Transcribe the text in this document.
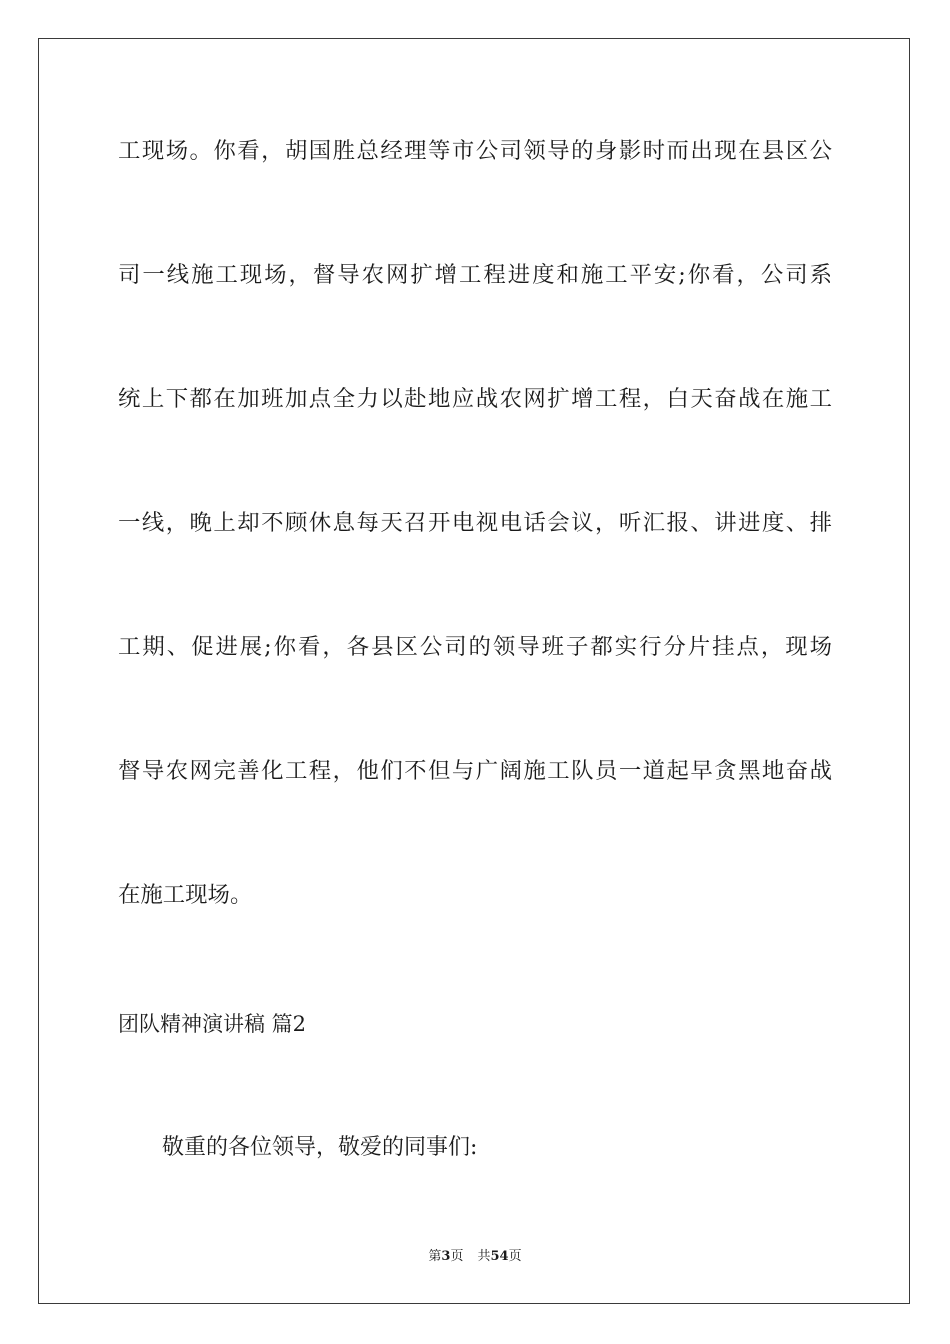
工现场。你看，胡国胜总经理等市公司领导的身影时而出现在县区公
司一线施工现场，督导农网扩增工程进度和施工平安;你看，公司系
统上下都在加班加点全力以赴地应战农网扩增工程，白天奋战在施工
一线，晚上却不顾休息每天召开电视电话会议，听汇报、讲进度、排
工期、促进展;你看，各县区公司的领导班子都实行分片挂点，现场
督导农网完善化工程，他们不但与广阔施工队员一道起早贪黑地奋战
在施工现场。
团队精神演讲稿 篇2
敬重的各位领导，敬爱的同事们:
第3页 共54页
